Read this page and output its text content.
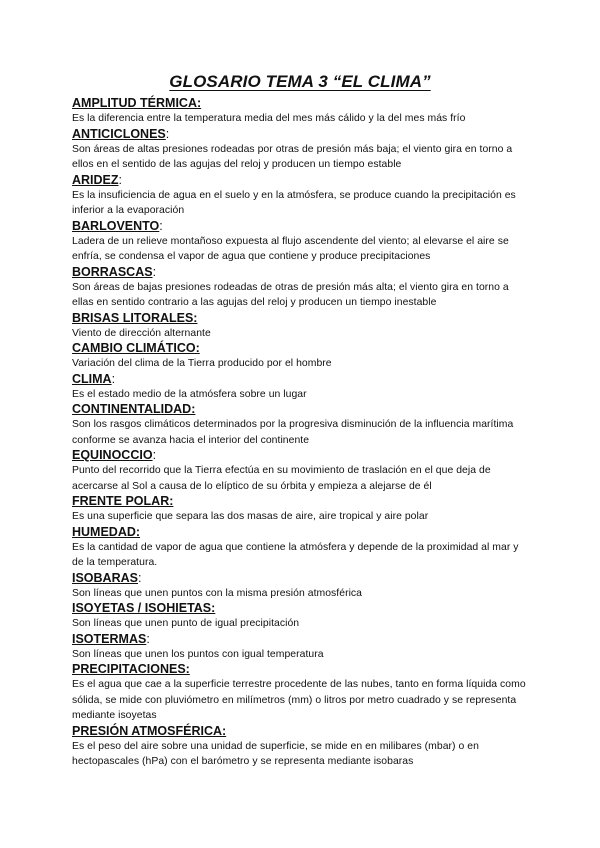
GLOSARIO TEMA 3 “EL CLIMA”
AMPLITUD TÉRMICA:
Es la diferencia entre la temperatura media del mes más cálido y la del mes más frío
ANTICICLONES:
Son áreas de altas presiones rodeadas por otras de presión más baja; el viento gira en torno a ellos en el sentido de las agujas del reloj y producen un tiempo estable
ARIDEZ:
Es la insuficiencia de agua en el suelo y en la atmósfera, se produce cuando la precipitación es inferior a la evaporación
BARLOVENTO:
Ladera de un relieve montañoso expuesta al flujo ascendente del viento; al elevarse el aire se enfría, se condensa el vapor de agua que contiene y produce precipitaciones
BORRASCAS:
Son áreas de bajas presiones rodeadas de otras de presión más alta; el viento gira en torno a ellas en sentido contrario a las agujas del reloj y producen un tiempo inestable
BRISAS LITORALES:
Viento de dirección alternante
CAMBIO CLIMÁTICO:
Variación del clima de la Tierra producido por el hombre
CLIMA:
Es el estado medio de la atmósfera sobre un lugar
CONTINENTALIDAD:
Son los rasgos climáticos determinados por la progresiva disminución de la influencia marítima conforme se avanza hacia el interior del continente
EQUINOCCIO:
Punto del recorrido que la Tierra efectúa en su movimiento de traslación en el que deja de acercarse al Sol a causa de lo elíptico de su órbita y empieza a alejarse de él
FRENTE POLAR:
Es una superficie que separa las dos masas de aire, aire tropical y aire polar
HUMEDAD:
Es la cantidad de vapor de agua que contiene la atmósfera y depende de la proximidad al mar y de la temperatura.
ISOBARAS:
Son líneas que unen puntos con la misma presión atmosférica
ISOYETAS / ISOHIETAS:
Son líneas que unen punto de igual precipitación
ISOTERMAS:
Son líneas que unen los puntos con igual temperatura
PRECIPITACIONES:
Es el agua que cae a la superficie terrestre procedente de las nubes, tanto en forma líquida como sólida, se mide con pluviómetro en milímetros (mm) o litros por metro cuadrado y se representa mediante isoyetas
PRESIÓN ATMOSFÉRICA:
Es el peso del aire sobre una unidad de superficie, se mide en en milibares (mbar) o en hectopascales (hPa) con el barómetro y se representa mediante isobaras
